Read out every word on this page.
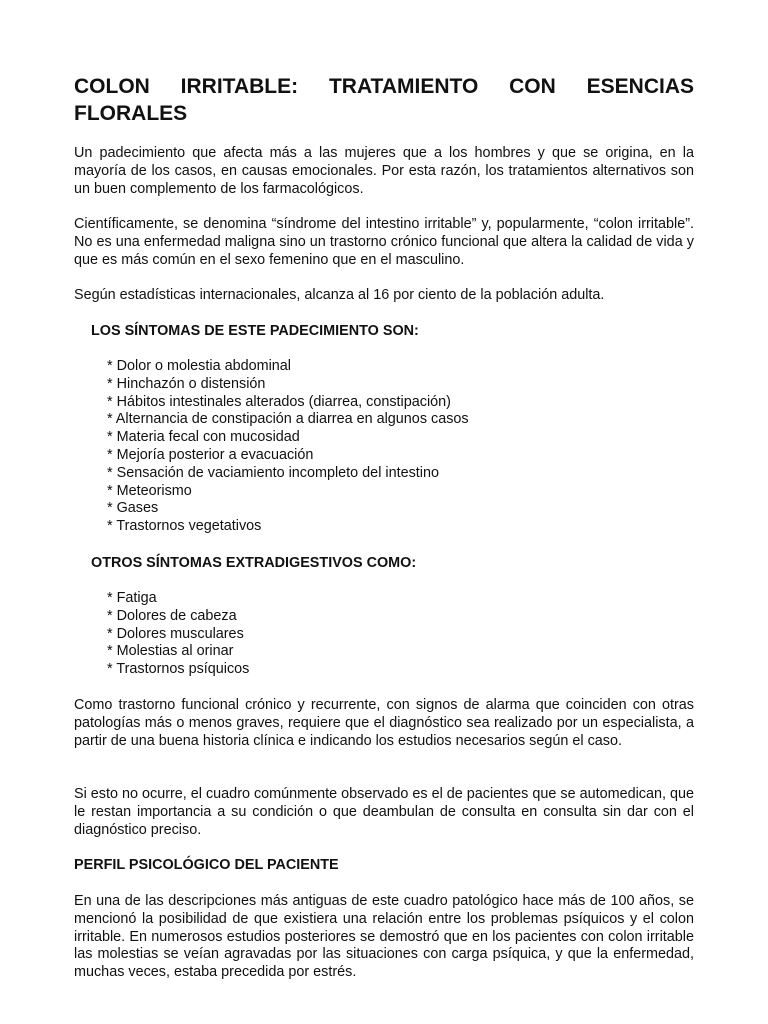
COLON IRRITABLE: TRATAMIENTO CON ESENCIAS FLORALES

Un padecimiento que afecta más a las mujeres que a los hombres y que se origina, en la mayoría de los casos, en causas emocionales. Por esta razón, los tratamientos alternativos son un buen complemento de los farmacológicos.

Científicamente, se denomina “síndrome del intestino irritable” y, popularmente, “colon irritable”. No es una enfermedad maligna sino un trastorno crónico funcional que altera la calidad de vida y que es más común en el sexo femenino que en el masculino.

Según estadísticas internacionales, alcanza al 16 por ciento de la población adulta.

LOS SÍNTOMAS DE ESTE PADECIMIENTO SON:
* Dolor o molestia abdominal
* Hinchazón o distensión
* Hábitos intestinales alterados (diarrea, constipación)
* Alternancia de constipación a diarrea en algunos casos
* Materia fecal con mucosidad
* Mejoría posterior a evacuación
* Sensación de vaciamiento incompleto del intestino
* Meteorismo
* Gases
* Trastornos vegetativos
OTROS SÍNTOMAS EXTRADIGESTIVOS COMO:
* Fatiga
* Dolores de cabeza
* Dolores musculares
* Molestias al orinar
* Trastornos psíquicos

Como trastorno funcional crónico y recurrente, con signos de alarma que coinciden con otras patologías más o menos graves, requiere que el diagnóstico sea realizado por un especialista, a partir de una buena historia clínica e indicando los estudios necesarios según el caso.

Si esto no ocurre, el cuadro comúnmente observado es el de pacientes que se automedican, que le restan importancia a su condición o que deambulan de consulta en consulta sin dar con el diagnóstico preciso.

PERFIL PSICOLÓGICO DEL PACIENTE

En una de las descripciones más antiguas de este cuadro patológico hace más de 100 años, se mencionó la posibilidad de que existiera una relación entre los problemas psíquicos y el colon irritable. En numerosos estudios posteriores se demostró que en los pacientes con colon irritable las molestias se veían agravadas por las situaciones con carga psíquica, y que la enfermedad, muchas veces, estaba precedida por estrés.
